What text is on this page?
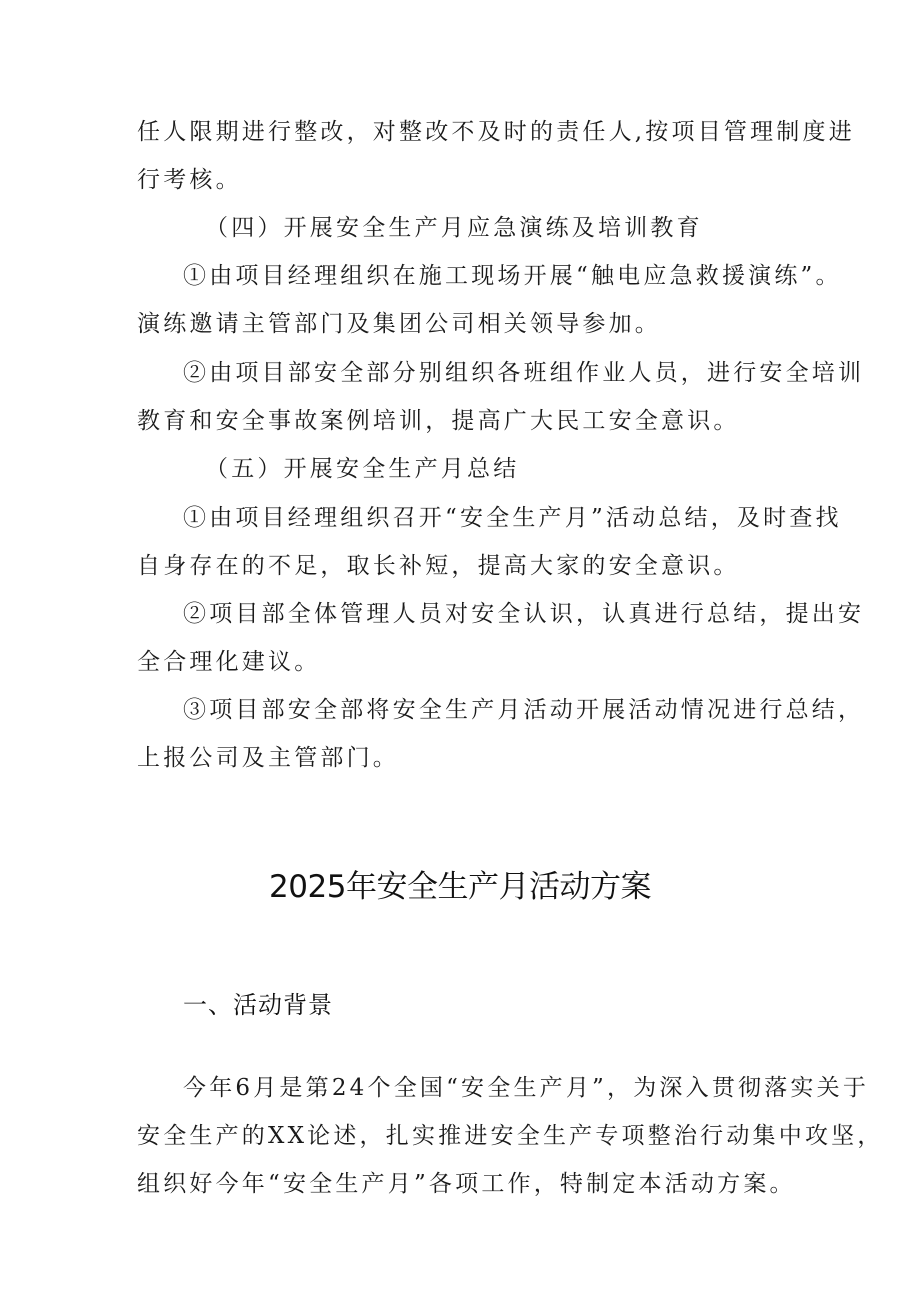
任人限期进行整改，对整改不及时的责任人,按项目管理制度进
行考核。
（四）开展安全生产月应急演练及培训教育
①由项目经理组织在施工现场开展“触电应急救援演练”。
演练邀请主管部门及集团公司相关领导参加。
②由项目部安全部分别组织各班组作业人员，进行安全培训
教育和安全事故案例培训，提高广大民工安全意识。
（五）开展安全生产月总结
①由项目经理组织召开“安全生产月”活动总结，及时查找
自身存在的不足，取长补短，提高大家的安全意识。
②项目部全体管理人员对安全认识，认真进行总结，提出安
全合理化建议。
③项目部安全部将安全生产月活动开展活动情况进行总结，
上报公司及主管部门。
2025年安全生产月活动方案
一、活动背景
今年6月是第24个全国“安全生产月”，为深入贯彻落实关于
安全生产的XX论述，扎实推进安全生产专项整治行动集中攻坚，
组织好今年“安全生产月”各项工作，特制定本活动方案。
